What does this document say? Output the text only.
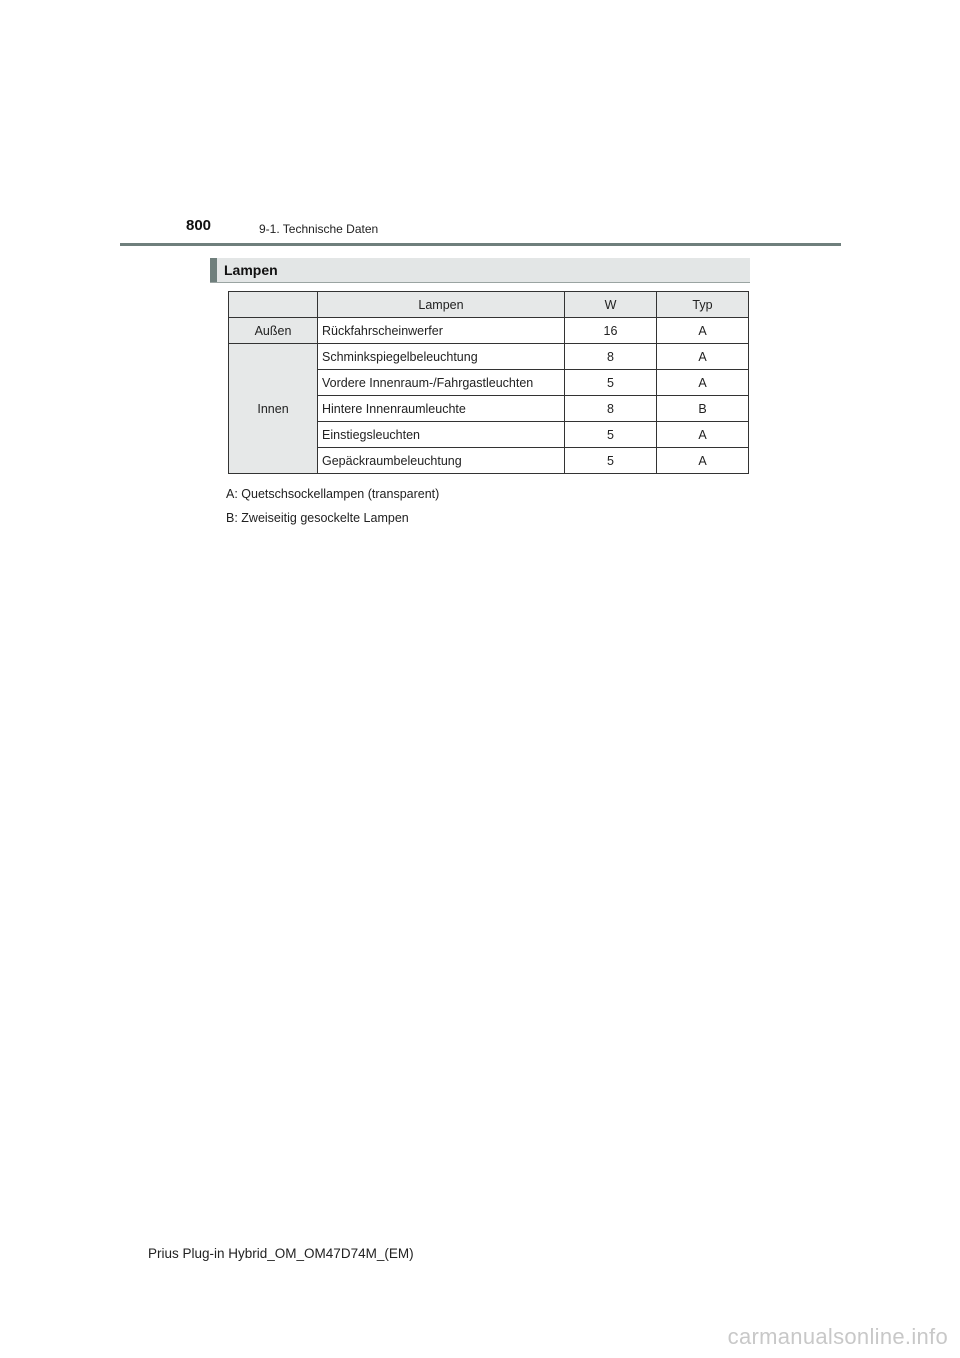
800	9-1. Technische Daten
Lampen
	Lampen	W	Typ
Außen	Rückfahrscheinwerfer	16	A
Innen	Schminkspiegelbeleuchtung	8	A
	Vordere Innenraum-/Fahrgastleuchten	5	A
	Hintere Innenraumleuchte	8	B
	Einstiegsleuchten	5	A
	Gepäckraumbeleuchtung	5	A
A: Quetschsockellampen (transparent)
B: Zweiseitig gesockelte Lampen
Prius Plug-in Hybrid_OM_OM47D74M_(EM)
carmanualsonline.info
